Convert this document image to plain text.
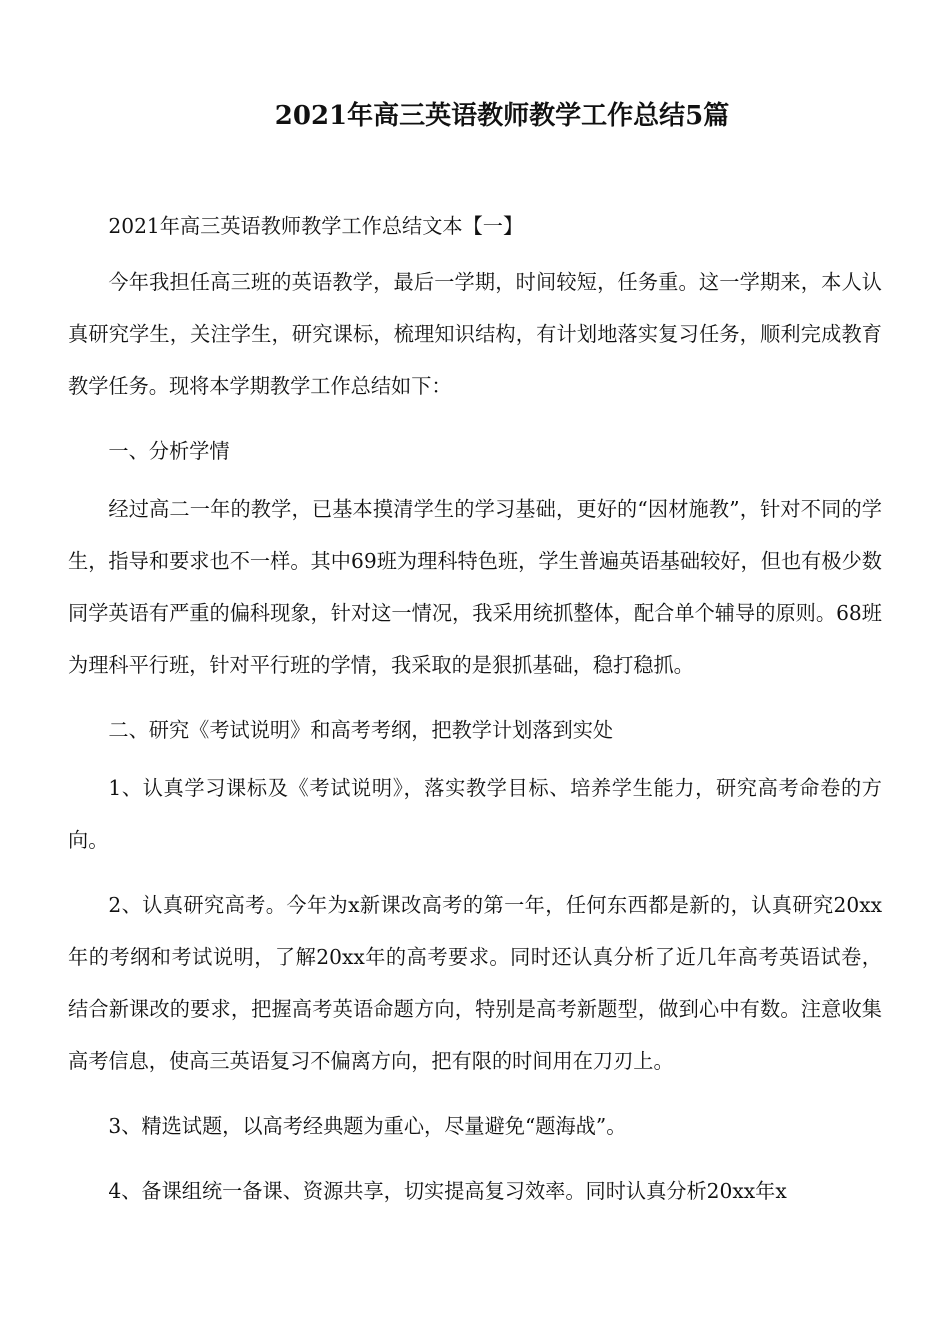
2021年高三英语教师教学工作总结5篇

2021年高三英语教师教学工作总结文本【一】

今年我担任高三班的英语教学，最后一学期，时间较短，任务重。这一学期来，本人认真研究学生，关注学生，研究课标，梳理知识结构，有计划地落实复习任务，顺利完成教育教学任务。现将本学期教学工作总结如下：

一、分析学情

经过高二一年的教学，已基本摸清学生的学习基础，更好的“因材施教”，针对不同的学生，指导和要求也不一样。其中69班为理科特色班，学生普遍英语基础较好，但也有极少数同学英语有严重的偏科现象，针对这一情况，我采用统抓整体，配合单个辅导的原则。68班为理科平行班，针对平行班的学情，我采取的是狠抓基础，稳打稳抓。

二、研究《考试说明》和高考考纲，把教学计划落到实处

1、认真学习课标及《考试说明》，落实教学目标、培养学生能力，研究高考命卷的方向。

2、认真研究高考。今年为x新课改高考的第一年，任何东西都是新的，认真研究20xx年的考纲和考试说明，了解20xx年的高考要求。同时还认真分析了近几年高考英语试卷，结合新课改的要求，把握高考英语命题方向，特别是高考新题型，做到心中有数。注意收集高考信息，使高三英语复习不偏离方向，把有限的时间用在刀刃上。

3、精选试题，以高考经典题为重心，尽量避免“题海战”。

4、备课组统一备课、资源共享，切实提高复习效率。同时认真分析20xx年x
